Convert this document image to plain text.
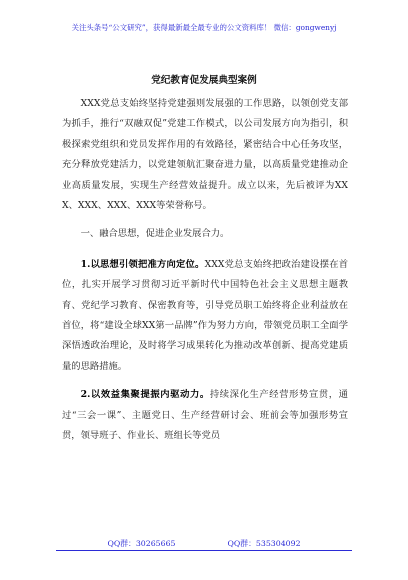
关注头条号“公文研究”，获得最新最全最专业的公文资料库！ 微信：gongwenyj
党纪教育促发展典型案例

XXX党总支始终坚持党建强则发展强的工作思路，以领创党支部为抓手，推行“双融双促”党建工作模式，以公司发展方向为指引，积极探索党组织和党员发挥作用的有效路径，紧密结合中心任务攻坚，充分释放党建活力，以党建领航汇聚奋进力量，以高质量党建推动企业高质量发展，实现生产经营效益提升。成立以来，先后被评为XXX、XXX、XXX、XXX等荣誉称号。

一、融合思想，促进企业发展合力。

1.以思想引领把准方向定位。XXX党总支始终把政治建设摆在首位，扎实开展学习贯彻习近平新时代中国特色社会主义思想主题教育、党纪学习教育、保密教育等，引导党员职工始终将企业利益放在首位，将“建设全球XX第一品牌”作为努力方向，带领党员职工全面学深悟透政治理论，及时将学习成果转化为推动改革创新、提高党建质量的思路措施。

2.以效益集聚提振内驱动力。持续深化生产经营形势宣贯，通过“三会一课”、主题党日、生产经营研讨会、班前会等加强形势宣贯，领导班子、作业长、班组长等党员

QQ群：30265665	QQ群：535304092
